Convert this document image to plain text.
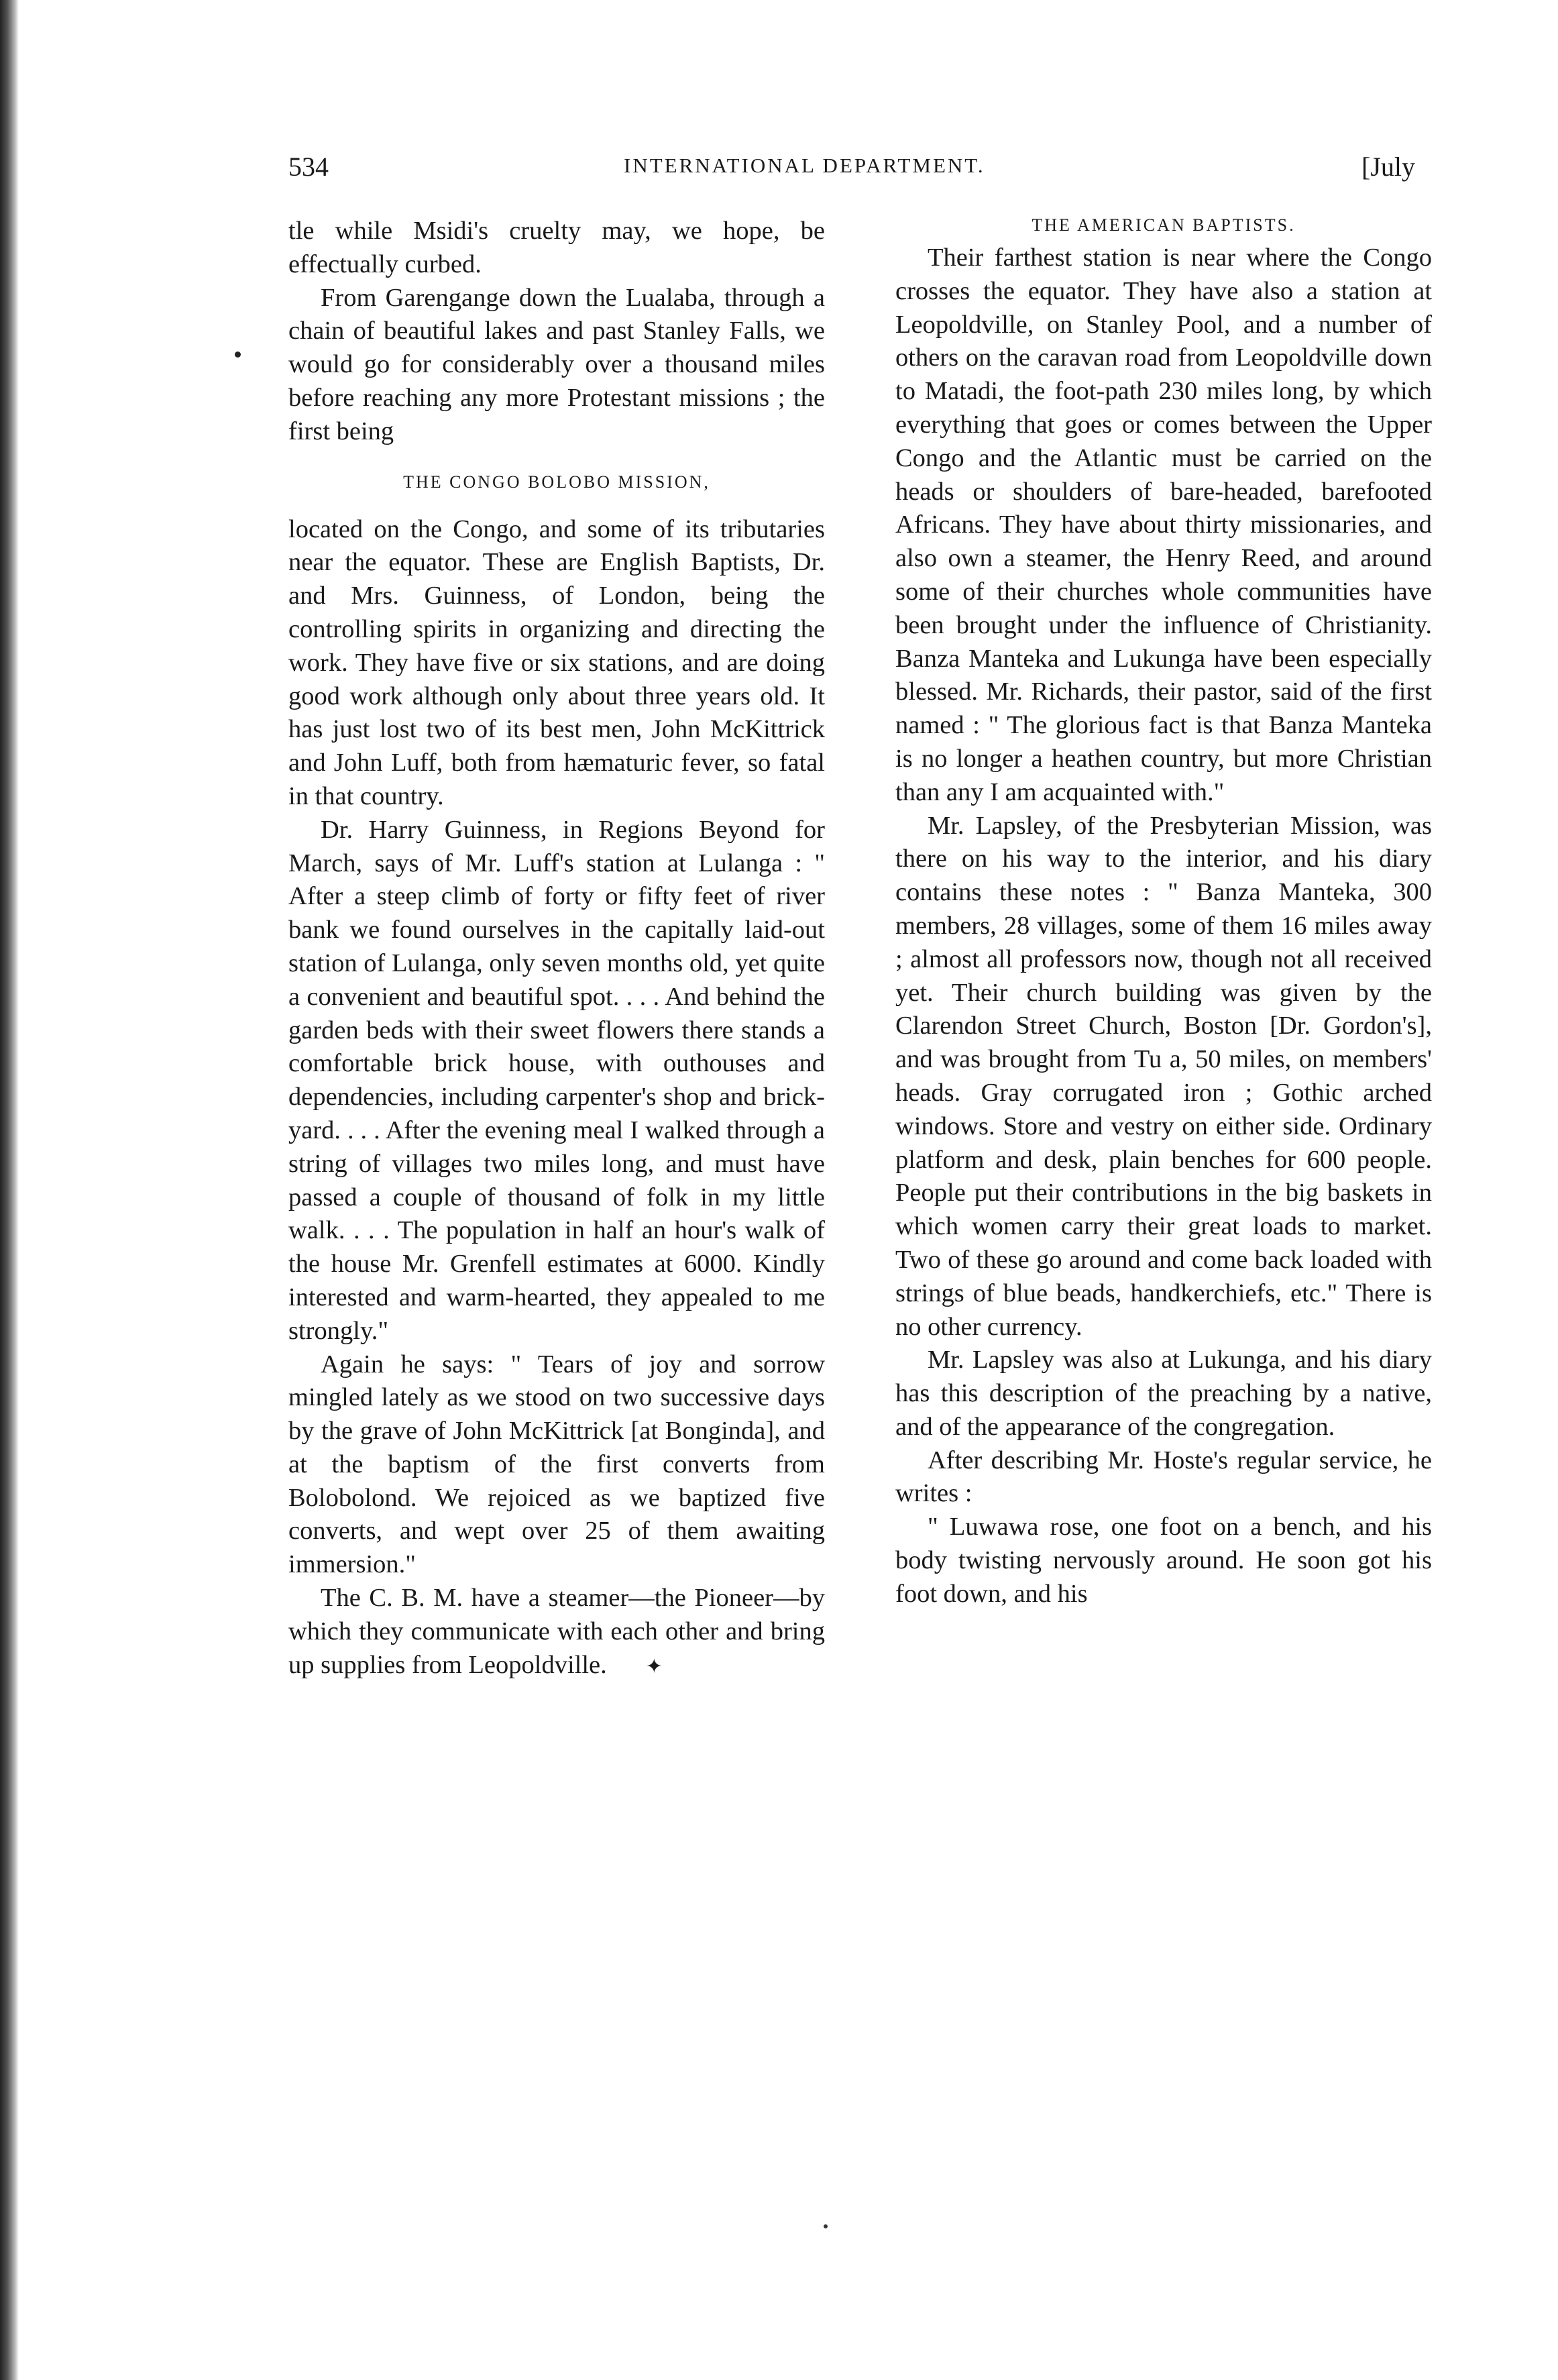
534	INTERNATIONAL DEPARTMENT.	[July

tle while Msidi's cruelty may, we hope, be effectually curbed.

From Garengange down the Lualaba, through a chain of beautiful lakes and past Stanley Falls, we would go for considerably over a thousand miles before reaching any more Protestant missions ; the first being

THE CONGO BOLOBO MISSION,

located on the Congo, and some of its tributaries near the equator. These are English Baptists, Dr. and Mrs. Guinness, of London, being the controlling spirits in organizing and directing the work. They have five or six stations, and are doing good work although only about three years old. It has just lost two of its best men, John McKittrick and John Luff, both from hæmaturic fever, so fatal in that country.

Dr. Harry Guinness, in Regions Beyond for March, says of Mr. Luff's station at Lulanga : " After a steep climb of forty or fifty feet of river bank we found ourselves in the capitally laid-out station of Lulanga, only seven months old, yet quite a convenient and beautiful spot. . . . And behind the garden beds with their sweet flowers there stands a comfortable brick house, with outhouses and dependencies, including carpenter's shop and brick-yard. . . . After the evening meal I walked through a string of villages two miles long, and must have passed a couple of thousand of folk in my little walk. . . . The population in half an hour's walk of the house Mr. Grenfell estimates at 6000. Kindly interested and warm-hearted, they appealed to me strongly."

Again he says: " Tears of joy and sorrow mingled lately as we stood on two successive days by the grave of John McKittrick [at Bonginda], and at the baptism of the first converts from Bolobolond. We rejoiced as we baptized five converts, and wept over 25 of them awaiting immersion."

The C. B. M. have a steamer—the Pioneer—by which they communicate with each other and bring up supplies from Leopoldville. ✦

THE AMERICAN BAPTISTS.

Their farthest station is near where the Congo crosses the equator. They have also a station at Leopoldville, on Stanley Pool, and a number of others on the caravan road from Leopoldville down to Matadi, the foot-path 230 miles long, by which everything that goes or comes between the Upper Congo and the Atlantic must be carried on the heads or shoulders of bare-headed, barefooted Africans. They have about thirty missionaries, and also own a steamer, the Henry Reed, and around some of their churches whole communities have been brought under the influence of Christianity. Banza Manteka and Lukunga have been especially blessed. Mr. Richards, their pastor, said of the first named : " The glorious fact is that Banza Manteka is no longer a heathen country, but more Christian than any I am acquainted with."

Mr. Lapsley, of the Presbyterian Mission, was there on his way to the interior, and his diary contains these notes : " Banza Manteka, 300 members, 28 villages, some of them 16 miles away ; almost all professors now, though not all received yet. Their church building was given by the Clarendon Street Church, Boston [Dr. Gordon's], and was brought from Tu a, 50 miles, on members' heads. Gray corrugated iron ; Gothic arched windows. Store and vestry on either side. Ordinary platform and desk, plain benches for 600 people. People put their contributions in the big baskets in which women carry their great loads to market. Two of these go around and come back loaded with strings of blue beads, handkerchiefs, etc." There is no other currency.

Mr. Lapsley was also at Lukunga, and his diary has this description of the preaching by a native, and of the appearance of the congregation.

After describing Mr. Hoste's regular service, he writes :

" Luwawa rose, one foot on a bench, and his body twisting nervously around. He soon got his foot down, and his
